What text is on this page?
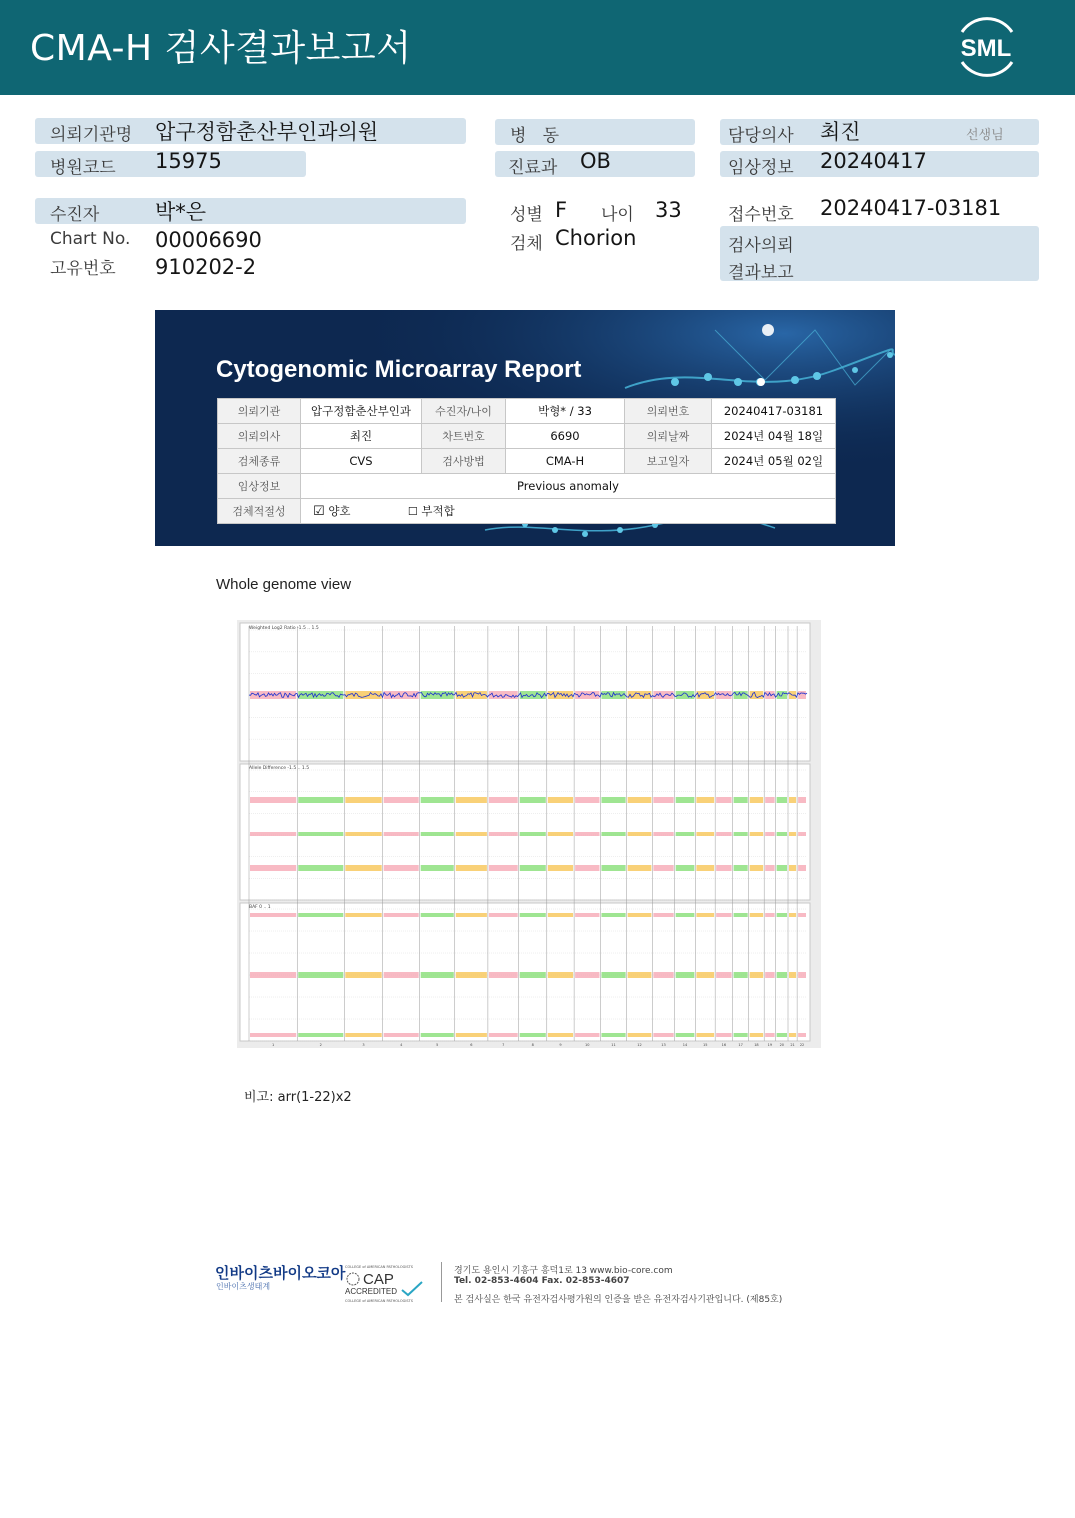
CMA-H 검사결과보고서	SML
의뢰기관명 압구정함춘산부인과의원	병   동	담당의사 최진	선생님
병원코드 15975	진료과 OB	임상정보 20240417
수진자	박*은	성별 F 나이 33	접수번호 20240417-03181
Chart No. 00006690
고유번호 910202-2
검체 Chorion	검사의뢰
결과보고
Cytogenomic Microarray Report
의뢰기관	압구정함춘산부인과	수진자/나이	박형* / 33	의뢰번호	20240417-03181
의뢰의사	최진	차트번호	6690	의뢰날짜	2024년 04월 18일
검체종류	CVS	검사방법	CMA-H	보고일자	2024년 05월 02일
임상정보	Previous anomaly				
검체적절성	☑ 양호 ☐ 부적합				
Whole genome view
Weighted Log2 Ratio -1.5 .. 1.5
Allele Difference -1.5 .. 1.5
BAF 0 .. 1
1	2	3	4	5	6	7	8	9	10	11	12	13	14	15	16	17	18	19 20 21 22
비고: arr(1-22)x2
인바이츠바이오코아
인바이츠생태계
COLLEGE of AMERICAN PATHOLOGISTS
CAP
ACCREDITED
COLLEGE of AMERICAN PATHOLOGISTS
경기도 용인시 기흥구 흥덕1로 13 www.bio-core.com
Tel. 02-853-4604 Fax. 02-853-4607
본 검사실은 한국 유전자검사평가원의 인증을 받은 유전자검사기관입니다. (제85호)
